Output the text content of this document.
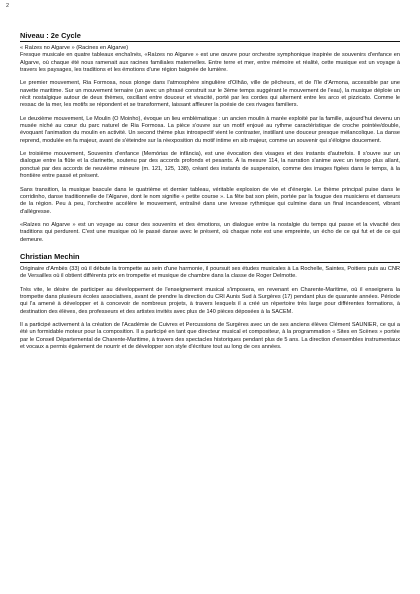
2
Niveau : 2e Cycle

« Raízes no Algarve » (Racines en Algarve)
Fresque musicale en quatre tableaux enchaînés, «Raízes no Algarve » est une œuvre pour orchestre symphonique inspirée de souvenirs d'enfance en Algarve, où chaque été nous ramenait aux racines familiales maternelles. Entre terre et mer, entre mémoire et réalité, cette musique est un voyage à travers les paysages, les traditions et les émotions d'une région baignée de lumière.

Le premier mouvement, Ria Formosa, nous plonge dans l'atmosphère singulière d'Olhão, ville de pêcheurs, et de l'île d'Armona, accessible par une navette maritime. Sur un mouvement ternaire (un avec un phrasé construit sur le 3ème temps suggérant le mouvement de l'eau), la musique déploie un récit nostalgique autour de deux thèmes, oscillant entre douceur et vivacité, porté par les cordes qui alternent entre les arco et pizzicato. Comme le ressac de la mer, les motifs se répondent et se transforment, laissant affleurer la poésie de ces rivages familiers.

Le deuxième mouvement, Le Moulin (O Moinho), évoque un lieu emblématique : un ancien moulin à marée exploité par la famille, aujourd'hui devenu un musée niché au cœur du parc naturel de Ria Formosa. La pièce s'ouvre sur un motif enjoué au rythme caractéristique de croche pointée/double, évoquant l'animation du moulin en activité. Un second thème plus introspectif vient le contraster, instillant une douceur presque mélancolique. La danse reprend, modulée en fa majeur, avant de s'éteindre sur la réexposition du motif intime en sib majeur, comme un souvenir qui s'éloigne doucement.

Le troisième mouvement, Souvenirs d'enfance (Memórias de infância), est une évocation des visages et des instants d'autrefois. Il s'ouvre sur un dialogue entre la flûte et la clarinette, soutenu par des accords profonds et pesants. À la mesure 114, la narration s'anime avec un tempo plus allant, ponctué par des accords de neuvième mineure (m. 121, 125, 138), créant des instants de suspension, comme des images figées dans le temps, à la frontière entre passé et présent.

Sans transition, la musique bascule dans le quatrième et dernier tableau, véritable explosion de vie et d'énergie. Le thème principal puise dans le corridinho, danse traditionnelle de l'Algarve, dont le nom signifie « petite course ». La fête bat son plein, portée par la fougue des musiciens et danseurs de la région. Peu à peu, l'orchestre accélère le mouvement, entraîné dans une ivresse rythmique qui culmine dans un final incandescent, vibrant d'allégresse.

«Raízes no Algarve » est un voyage au cœur des souvenirs et des émotions, un dialogue entre la nostalgie du temps qui passe et la vivacité des traditions qui perdurent. C'est une musique où le passé danse avec le présent, où chaque note est une empreinte, un écho de ce qui fut et de ce qui demeure.

Christian Mechin

Originaire d'Ambès (33) où il débute la trompette au sein d'une harmonie, il poursuit ses études musicales à La Rochelle, Saintes, Poitiers puis au CNR de Versailles où il obtient différents prix en trompette et musique de chambre dans la classe de Roger Delmotte.

Très vite, le désire de participer au développement de l'enseignement musical s'imposera, en revenant en Charente-Maritime, où il enseignera la trompette dans plusieurs écoles associatives, avant de prendre la direction du CRI Aunis Sud à Surgères (17) pendant plus de quarante années. Période qui l'a amené à développer et à concevoir de nombreux projets, à travers lesquels il a créé un répertoire très large pour différentes formations, à destination des élèves, des professeurs et des artistes invités avec plus de 140 pièces déposées à la SACEM.

Il a participé activement à la création de l'Académie de Cuivres et Percussions de Surgères avec un de ses anciens élèves Clément SAUNIER, ce qui a été un formidable moteur pour la composition. Il a participé en tant que directeur musical et compositeur, à la programmation « Sites en Scènes » portée par le Conseil Départemental de Charente-Maritime, à travers des spectacles historiques pendant plus de 5 ans. La direction d'ensembles instrumentaux et vocaux a permis également de nourrir et de développer son style d'écriture tout au long de ces années.
